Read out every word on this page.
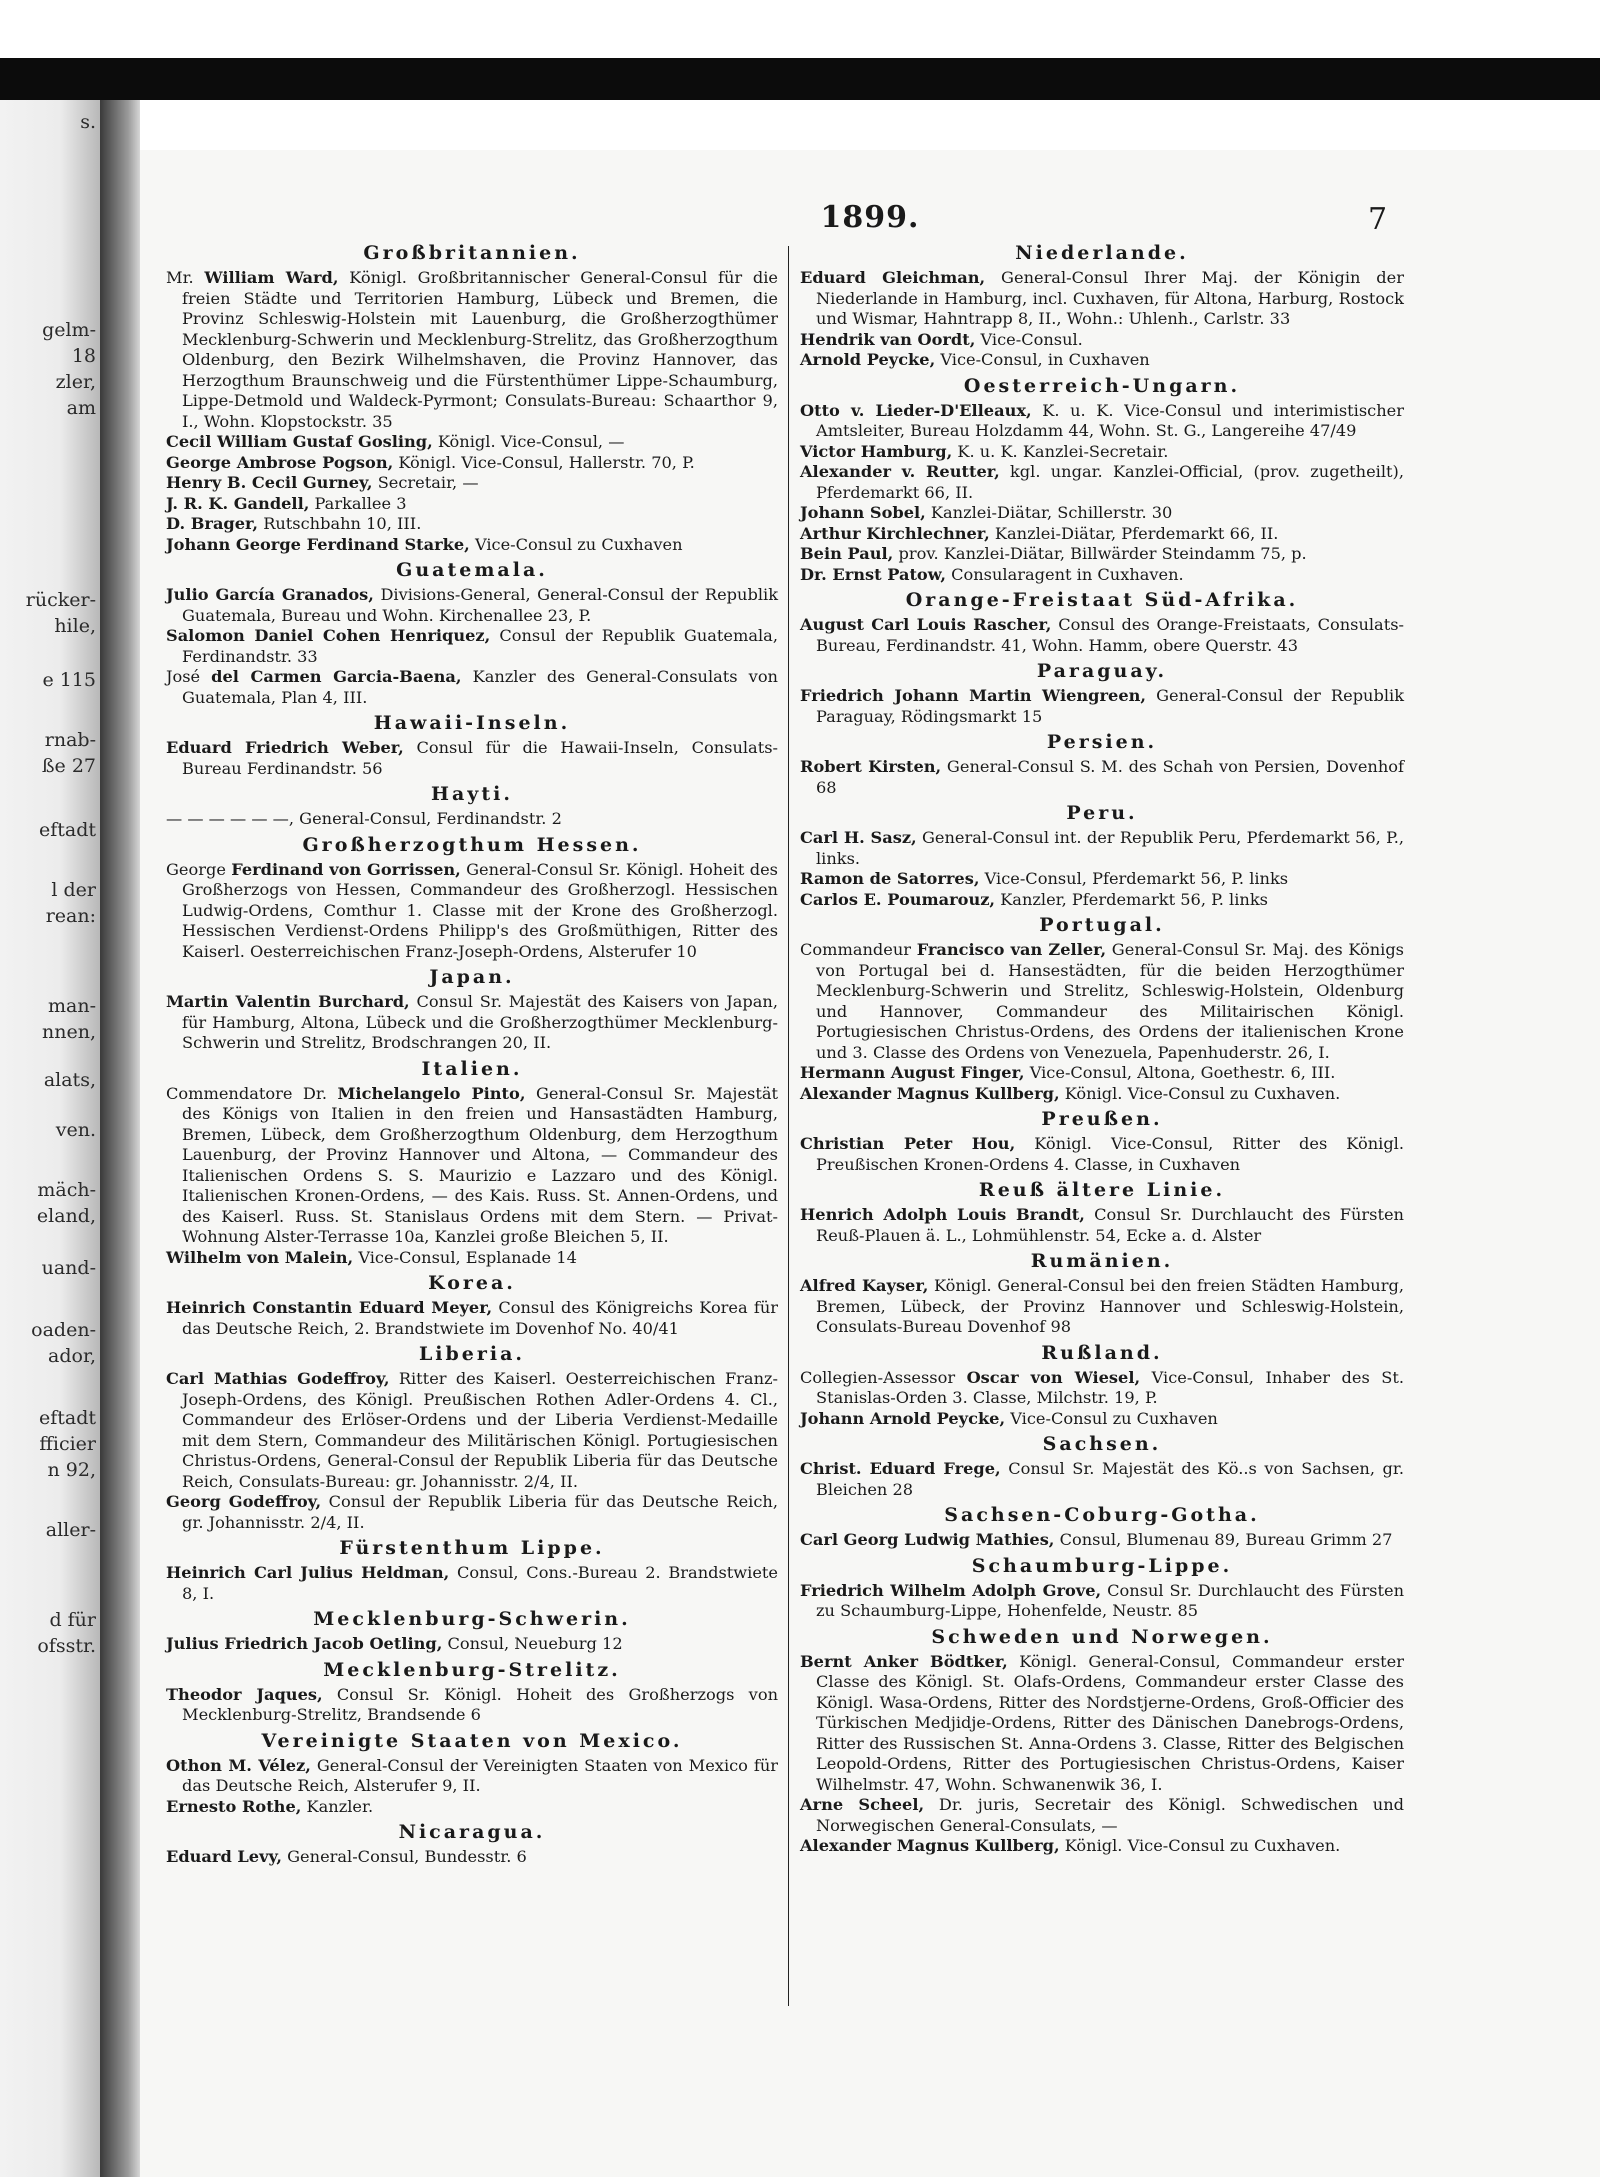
s.
gelm-
18
zler,
am
rücker-
hile,
e 115
rnab-
ße 27
eftadt
l der
rean:
man-
nnen,
alats,
ven.
mäch-
eland,
uand-
oaden-
ador,
eftadt
fficier
n 92,
aller-
d für
ofsstr.
1899.	7
Großbritannien.

Mr. William Ward, Königl. Großbritannischer General-Consul für die freien Städte und Territorien Hamburg, Lübeck und Bremen, die Provinz Schleswig-Holstein mit Lauenburg, die Großherzogthümer Mecklenburg-Schwerin und Mecklenburg-Strelitz, das Großherzogthum Oldenburg, den Bezirk Wilhelmshaven, die Provinz Hannover, das Herzogthum Braunschweig und die Fürstenthümer Lippe-Schaumburg, Lippe-Detmold und Waldeck-Pyrmont; Consulats-Bureau: Schaarthor 9, I., Wohn. Klopstockstr. 35

Cecil William Gustaf Gosling, Königl. Vice-Consul, —

George Ambrose Pogson, Königl. Vice-Consul, Hallerstr. 70, P.

Henry B. Cecil Gurney, Secretair, —

J. R. K. Gandell, Parkallee 3

D. Brager, Rutschbahn 10, III.

Johann George Ferdinand Starke, Vice-Consul zu Cuxhaven

Guatemala.

Julio García Granados, Divisions-General, General-Consul der Republik Guatemala, Bureau und Wohn. Kirchenallee 23, P.

Salomon Daniel Cohen Henriquez, Consul der Republik Guatemala, Ferdinandstr. 33

José del Carmen Garcia-Baena, Kanzler des General-Consulats von Guatemala, Plan 4, III.

Hawaii-Inseln.

Eduard Friedrich Weber, Consul für die Hawaii-Inseln, Consulats-Bureau Ferdinandstr. 56

Hayti.

— — — — — —, General-Consul, Ferdinandstr. 2

Großherzogthum Hessen.

George Ferdinand von Gorrissen, General-Consul Sr. Königl. Hoheit des Großherzogs von Hessen, Commandeur des Großherzogl. Hessischen Ludwig-Ordens, Comthur 1. Classe mit der Krone des Großherzogl. Hessischen Verdienst-Ordens Philipp's des Großmüthigen, Ritter des Kaiserl. Oesterreichischen Franz-Joseph-Ordens, Alsterufer 10

Japan.

Martin Valentin Burchard, Consul Sr. Majestät des Kaisers von Japan, für Hamburg, Altona, Lübeck und die Großherzogthümer Mecklenburg-Schwerin und Strelitz, Brodschrangen 20, II.

Italien.

Commendatore Dr. Michelangelo Pinto, General-Consul Sr. Majestät des Königs von Italien in den freien und Hansastädten Hamburg, Bremen, Lübeck, dem Großherzogthum Oldenburg, dem Herzogthum Lauenburg, der Provinz Hannover und Altona, — Commandeur des Italienischen Ordens S. S. Maurizio e Lazzaro und des Königl. Italienischen Kronen-Ordens, — des Kais. Russ. St. Annen-Ordens, und des Kaiserl. Russ. St. Stanislaus Ordens mit dem Stern. — Privat-Wohnung Alster-Terrasse 10a, Kanzlei große Bleichen 5, II.

Wilhelm von Malein, Vice-Consul, Esplanade 14

Korea.

Heinrich Constantin Eduard Meyer, Consul des Königreichs Korea für das Deutsche Reich, 2. Brandstwiete im Dovenhof No. 40/41

Liberia.

Carl Mathias Godeffroy, Ritter des Kaiserl. Oesterreichischen Franz-Joseph-Ordens, des Königl. Preußischen Rothen Adler-Ordens 4. Cl., Commandeur des Erlöser-Ordens und der Liberia Verdienst-Medaille mit dem Stern, Commandeur des Militärischen Königl. Portugiesischen Christus-Ordens, General-Consul der Republik Liberia für das Deutsche Reich, Consulats-Bureau: gr. Johannisstr. 2/4, II.

Georg Godeffroy, Consul der Republik Liberia für das Deutsche Reich, gr. Johannisstr. 2/4, II.

Fürstenthum Lippe.

Heinrich Carl Julius Heldman, Consul, Cons.-Bureau 2. Brandstwiete 8, I.

Mecklenburg-Schwerin.

Julius Friedrich Jacob Oetling, Consul, Neueburg 12

Mecklenburg-Strelitz.

Theodor Jaques, Consul Sr. Königl. Hoheit des Großherzogs von Mecklenburg-Strelitz, Brandsende 6

Vereinigte Staaten von Mexico.

Othon M. Vélez, General-Consul der Vereinigten Staaten von Mexico für das Deutsche Reich, Alsterufer 9, II.

Ernesto Rothe, Kanzler.

Nicaragua.

Eduard Levy, General-Consul, Bundesstr. 6

Niederlande.

Eduard Gleichman, General-Consul Ihrer Maj. der Königin der Niederlande in Hamburg, incl. Cuxhaven, für Altona, Harburg, Rostock und Wismar, Hahntrapp 8, II., Wohn.: Uhlenh., Carlstr. 33

Hendrik van Oordt, Vice-Consul.

Arnold Peycke, Vice-Consul, in Cuxhaven

Oesterreich-Ungarn.

Otto v. Lieder-D'Elleaux, K. u. K. Vice-Consul und interimistischer Amtsleiter, Bureau Holzdamm 44, Wohn. St. G., Langereihe 47/49

Victor Hamburg, K. u. K. Kanzlei-Secretair.

Alexander v. Reutter, kgl. ungar. Kanzlei-Official, (prov. zugetheilt), Pferdemarkt 66, II.

Johann Sobel, Kanzlei-Diätar, Schillerstr. 30

Arthur Kirchlechner, Kanzlei-Diätar, Pferdemarkt 66, II.

Bein Paul, prov. Kanzlei-Diätar, Billwärder Steindamm 75, p.

Dr. Ernst Patow, Consularagent in Cuxhaven.

Orange-Freistaat Süd-Afrika.

August Carl Louis Rascher, Consul des Orange-Freistaats, Consulats-Bureau, Ferdinandstr. 41, Wohn. Hamm, obere Querstr. 43

Paraguay.

Friedrich Johann Martin Wiengreen, General-Consul der Republik Paraguay, Rödingsmarkt 15

Persien.

Robert Kirsten, General-Consul S. M. des Schah von Persien, Dovenhof 68

Peru.

Carl H. Sasz, General-Consul int. der Republik Peru, Pferdemarkt 56, P., links.

Ramon de Satorres, Vice-Consul, Pferdemarkt 56, P. links

Carlos E. Poumarouz, Kanzler, Pferdemarkt 56, P. links

Portugal.

Commandeur Francisco van Zeller, General-Consul Sr. Maj. des Königs von Portugal bei d. Hansestädten, für die beiden Herzogthümer Mecklenburg-Schwerin und Strelitz, Schleswig-Holstein, Oldenburg und Hannover, Commandeur des Militairischen Königl. Portugiesischen Christus-Ordens, des Ordens der italienischen Krone und 3. Classe des Ordens von Venezuela, Papenhuderstr. 26, I.

Hermann August Finger, Vice-Consul, Altona, Goethestr. 6, III.

Alexander Magnus Kullberg, Königl. Vice-Consul zu Cuxhaven.

Preußen.

Christian Peter Hou, Königl. Vice-Consul, Ritter des Königl. Preußischen Kronen-Ordens 4. Classe, in Cuxhaven

Reuß ältere Linie.

Henrich Adolph Louis Brandt, Consul Sr. Durchlaucht des Fürsten Reuß-Plauen ä. L., Lohmühlenstr. 54, Ecke a. d. Alster

Rumänien.

Alfred Kayser, Königl. General-Consul bei den freien Städten Hamburg, Bremen, Lübeck, der Provinz Hannover und Schleswig-Holstein, Consulats-Bureau Dovenhof 98

Rußland.

Collegien-Assessor Oscar von Wiesel, Vice-Consul, Inhaber des St. Stanislas-Orden 3. Classe, Milchstr. 19, P.

Johann Arnold Peycke, Vice-Consul zu Cuxhaven

Sachsen.

Christ. Eduard Frege, Consul Sr. Majestät des Kö..s von Sachsen, gr. Bleichen 28

Sachsen-Coburg-Gotha.

Carl Georg Ludwig Mathies, Consul, Blumenau 89, Bureau Grimm 27

Schaumburg-Lippe.

Friedrich Wilhelm Adolph Grove, Consul Sr. Durchlaucht des Fürsten zu Schaumburg-Lippe, Hohenfelde, Neustr. 85

Schweden und Norwegen.

Bernt Anker Bödtker, Königl. General-Consul, Commandeur erster Classe des Königl. St. Olafs-Ordens, Commandeur erster Classe des Königl. Wasa-Ordens, Ritter des Nordstjerne-Ordens, Groß-Officier des Türkischen Medjidje-Ordens, Ritter des Dänischen Danebrogs-Ordens, Ritter des Russischen St. Anna-Ordens 3. Classe, Ritter des Belgischen Leopold-Ordens, Ritter des Portugiesischen Christus-Ordens, Kaiser Wilhelmstr. 47, Wohn. Schwanenwik 36, I.

Arne Scheel, Dr. juris, Secretair des Königl. Schwedischen und Norwegischen General-Consulats, —

Alexander Magnus Kullberg, Königl. Vice-Consul zu Cuxhaven.
